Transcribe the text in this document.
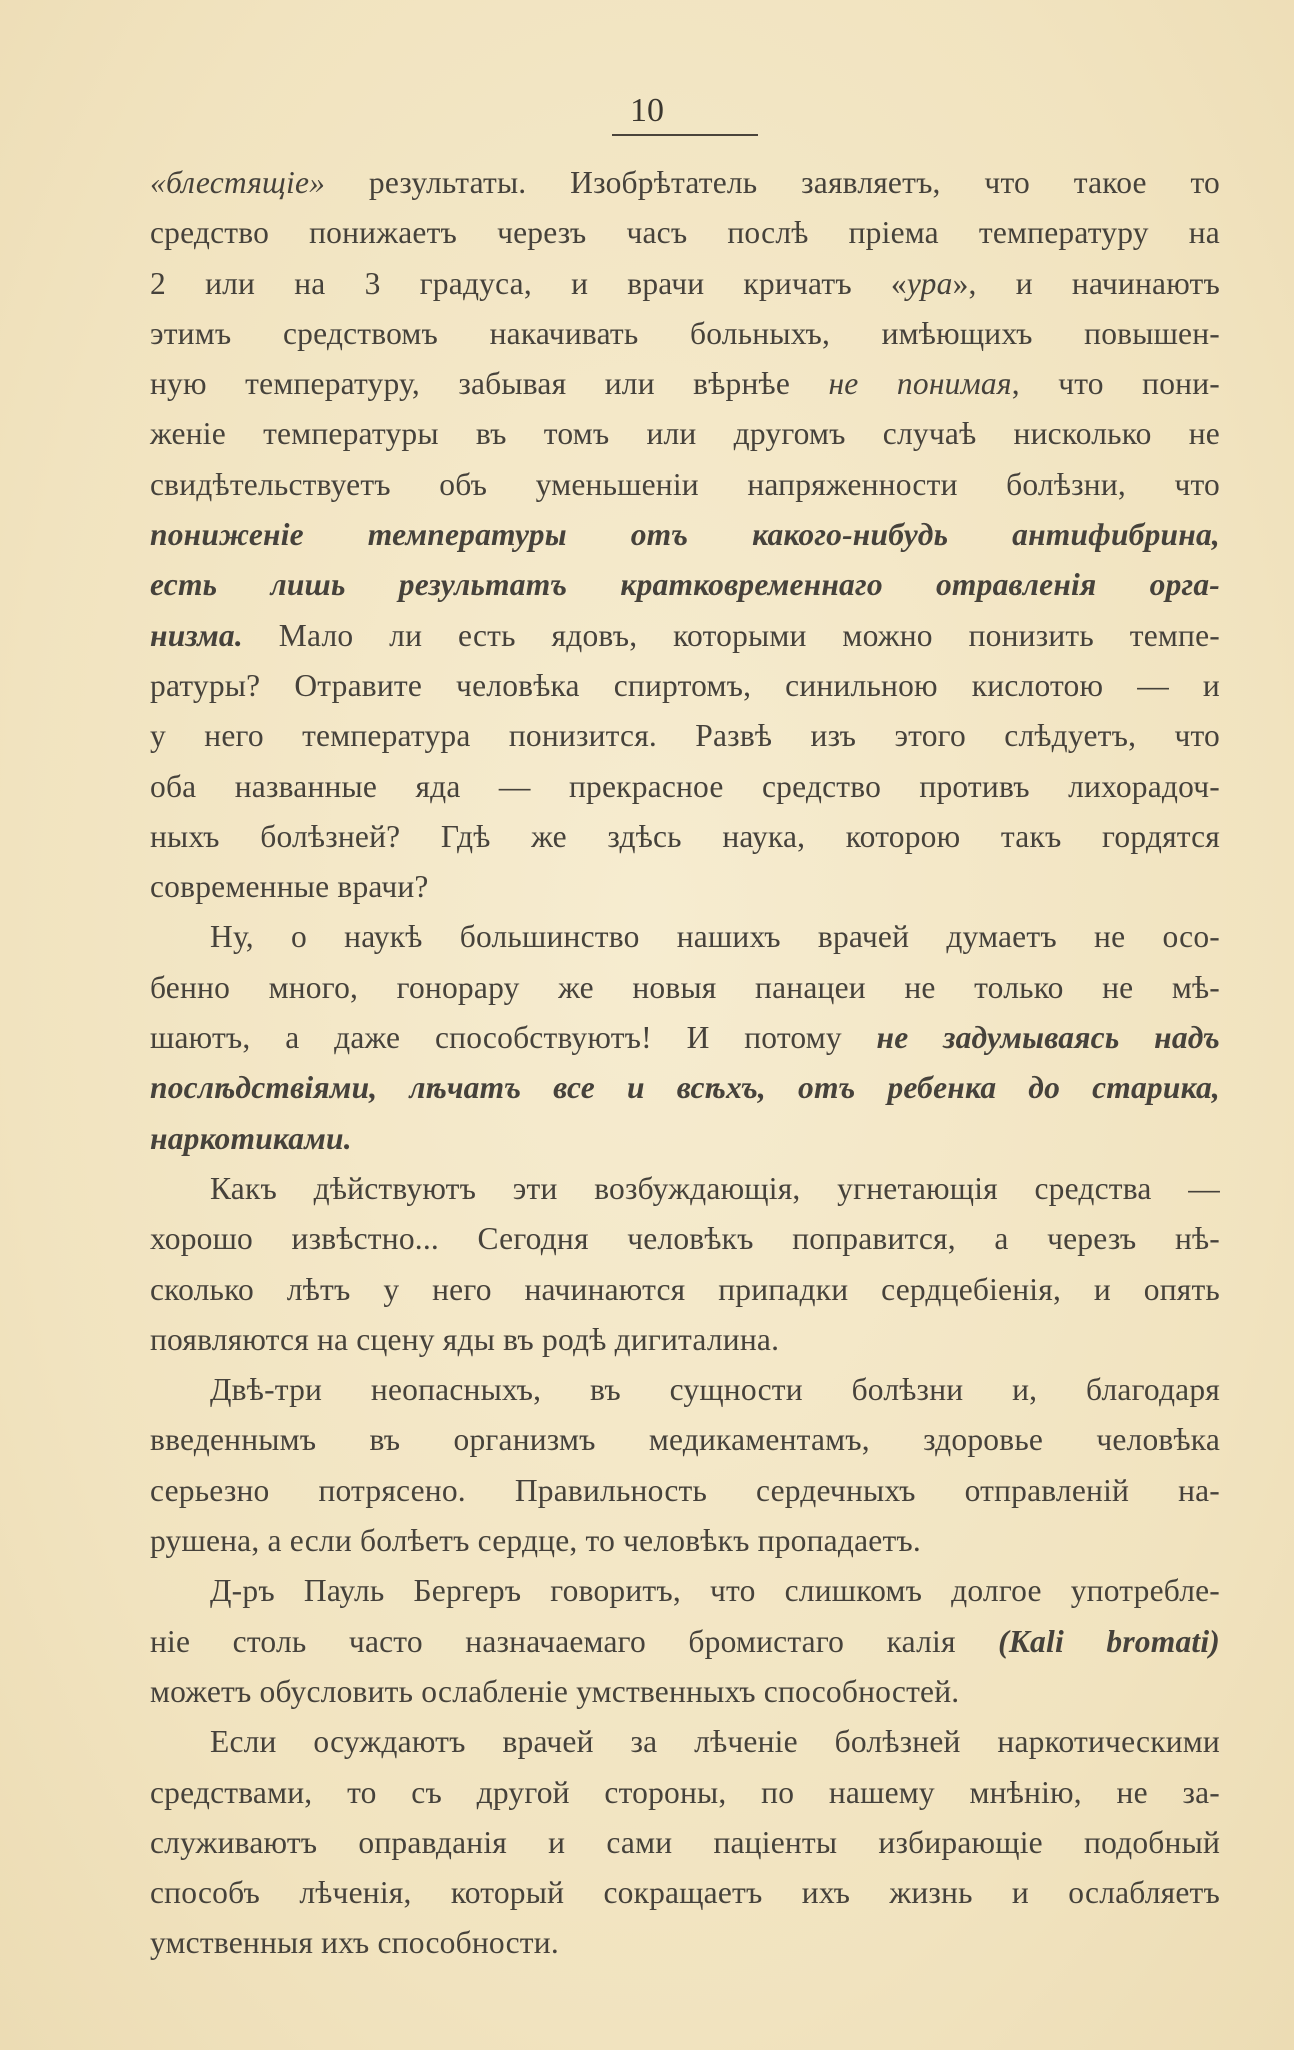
10
«блестящіе» результаты. Изобрѣтатель заявляетъ, что такое то
средство понижаетъ черезъ часъ послѣ пріема температуру на
2 или на 3 градуса, и врачи кричатъ «ура», и начинаютъ
этимъ средствомъ накачивать больныхъ, имѣющихъ повышен-
ную температуру, забывая или вѣрнѣе не понимая, что пони-
женіе температуры въ томъ или другомъ случаѣ нисколько не
свидѣтельствуетъ объ уменьшеніи напряженности болѣзни, что
пониженіе температуры отъ какого-нибудь антифибрина,
есть лишь результатъ кратковременнаго отравленія орга-
низма. Мало ли есть ядовъ, которыми можно понизить темпе-
ратуры? Отравите человѣка спиртомъ, синильною кислотою — и
у него температура понизится. Развѣ изъ этого слѣдуетъ, что
оба названные яда — прекрасное средство противъ лихорадоч-
ныхъ болѣзней? Гдѣ же здѣсь наука, которою такъ гордятся
современные врачи?
Ну, о наукѣ большинство нашихъ врачей думаетъ не осо-
бенно много, гонорару же новыя панацеи не только не мѣ-
шаютъ, а даже способствуютъ! И потому не задумываясь надъ
послѣдствіями, лѣчатъ все и всѣхъ, отъ ребенка до старика,
наркотиками.
Какъ дѣйствуютъ эти возбуждающія, угнетающія средства —
хорошо извѣстно... Сегодня человѣкъ поправится, а черезъ нѣ-
сколько лѣтъ у него начинаются припадки сердцебіенія, и опять
появляются на сцену яды въ родѣ дигиталина.
Двѣ-три неопасныхъ, въ сущности болѣзни и, благодаря
введеннымъ въ организмъ медикаментамъ, здоровье человѣка
серьезно потрясено. Правильность сердечныхъ отправленій на-
рушена, а если болѣетъ сердце, то человѣкъ пропадаетъ.
Д-ръ Пауль Бергеръ говоритъ, что слишкомъ долгое употребле-
ніе столь часто назначаемаго бромистаго калія (Kali bromati)
можетъ обусловить ослабленіе умственныхъ способностей.
Если осуждаютъ врачей за лѣченіе болѣзней наркотическими
средствами, то съ другой стороны, по нашему мнѣнію, не за-
служиваютъ оправданія и сами паціенты избирающіе подобный
способъ лѣченія, который сокращаетъ ихъ жизнь и ослабляетъ
умственныя ихъ способности.
